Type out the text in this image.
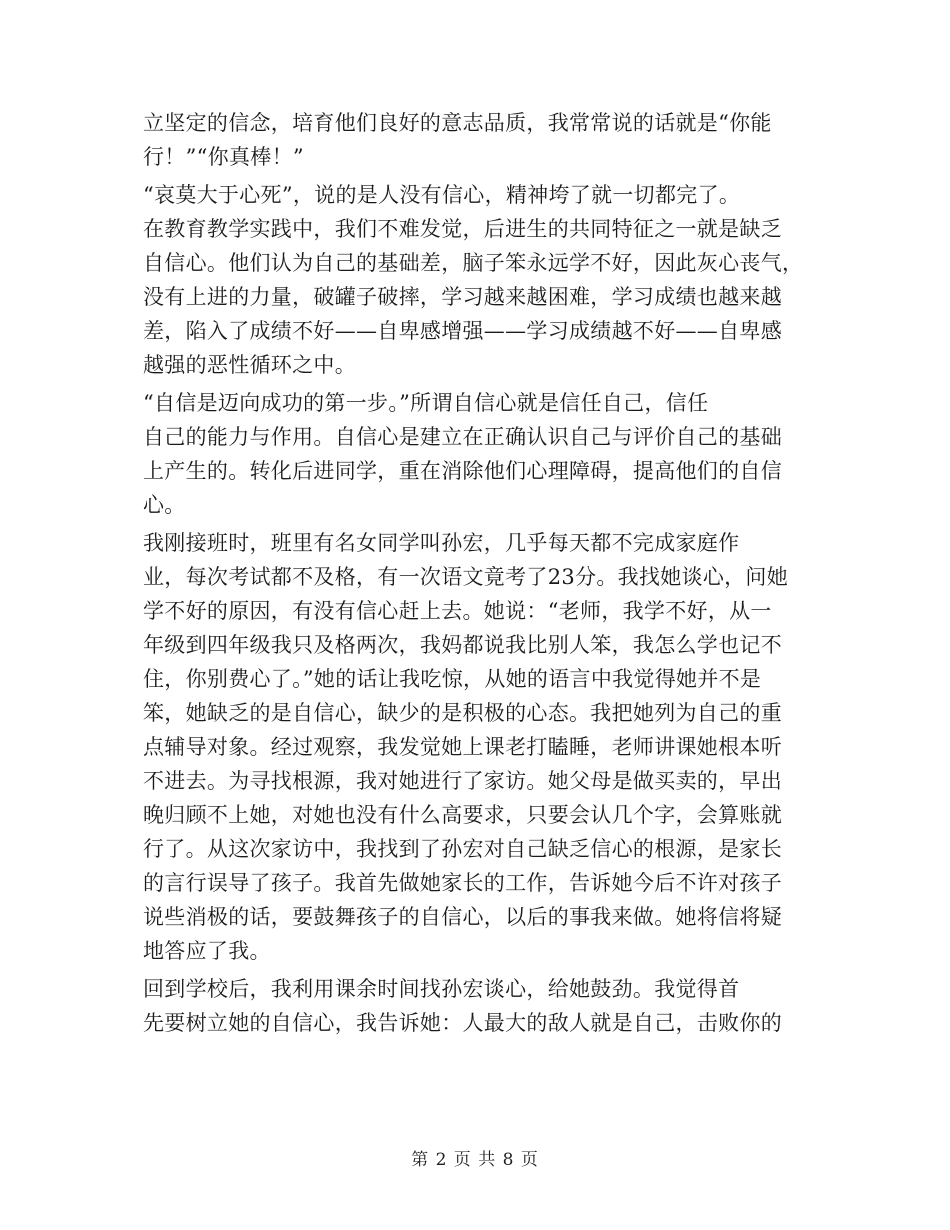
立坚定的信念，培育他们良好的意志品质，我常常说的话就是“你能
行！”“你真棒！”
“哀莫大于心死”，说的是人没有信心，精神垮了就一切都完了。
在教育教学实践中，我们不难发觉，后进生的共同特征之一就是缺乏
自信心。他们认为自己的基础差，脑子笨永远学不好，因此灰心丧气，
没有上进的力量，破罐子破摔，学习越来越困难，学习成绩也越来越
差，陷入了成绩不好——自卑感增强——学习成绩越不好——自卑感
越强的恶性循环之中。
“自信是迈向成功的第一步。”所谓自信心就是信任自己，信任
自己的能力与作用。自信心是建立在正确认识自己与评价自己的基础
上产生的。转化后进同学，重在消除他们心理障碍，提高他们的自信
心。
我刚接班时，班里有名女同学叫孙宏，几乎每天都不完成家庭作
业，每次考试都不及格，有一次语文竟考了23分。我找她谈心，问她
学不好的原因，有没有信心赶上去。她说：“老师，我学不好，从一
年级到四年级我只及格两次，我妈都说我比别人笨，我怎么学也记不
住，你别费心了。”她的话让我吃惊，从她的语言中我觉得她并不是
笨，她缺乏的是自信心，缺少的是积极的心态。我把她列为自己的重
点辅导对象。经过观察，我发觉她上课老打瞌睡，老师讲课她根本听
不进去。为寻找根源，我对她进行了家访。她父母是做买卖的，早出
晚归顾不上她，对她也没有什么高要求，只要会认几个字，会算账就
行了。从这次家访中，我找到了孙宏对自己缺乏信心的根源，是家长
的言行误导了孩子。我首先做她家长的工作，告诉她今后不许对孩子
说些消极的话，要鼓舞孩子的自信心，以后的事我来做。她将信将疑
地答应了我。
回到学校后，我利用课余时间找孙宏谈心，给她鼓劲。我觉得首
先要树立她的自信心，我告诉她：人最大的敌人就是自己，击败你的
第 2 页 共 8 页
